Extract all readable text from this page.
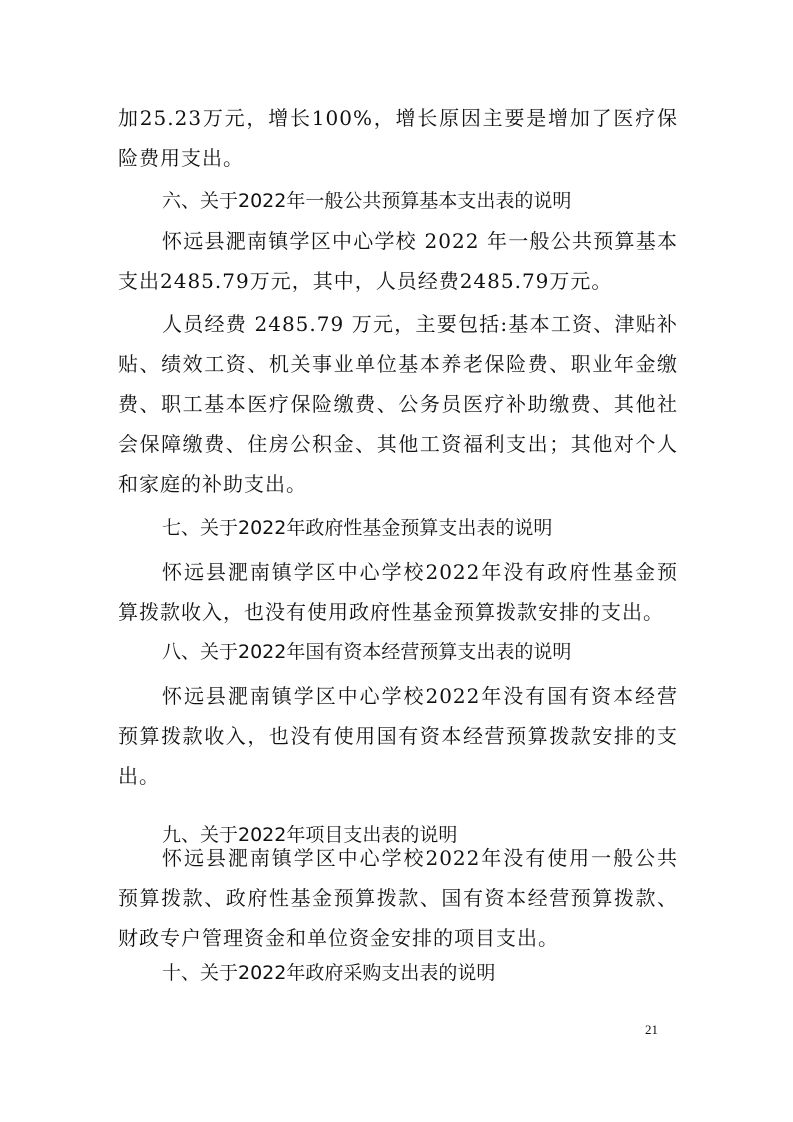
加25.23万元，增长100%，增长原因主要是增加了医疗保险费用支出。

六、关于2022年一般公共预算基本支出表的说明

怀远县淝南镇学区中心学校 2022 年一般公共预算基本支出2485.79万元，其中，人员经费2485.79万元。

人员经费 2485.79 万元，主要包括:基本工资、津贴补贴、绩效工资、机关事业单位基本养老保险费、职业年金缴费、职工基本医疗保险缴费、公务员医疗补助缴费、其他社会保障缴费、住房公积金、其他工资福利支出；其他对个人和家庭的补助支出。

七、关于2022年政府性基金预算支出表的说明

怀远县淝南镇学区中心学校2022年没有政府性基金预算拨款收入，也没有使用政府性基金预算拨款安排的支出。

八、关于2022年国有资本经营预算支出表的说明

怀远县淝南镇学区中心学校2022年没有国有资本经营预算拨款收入，也没有使用国有资本经营预算拨款安排的支出。

九、关于2022年项目支出表的说明

怀远县淝南镇学区中心学校2022年没有使用一般公共预算拨款、政府性基金预算拨款、国有资本经营预算拨款、财政专户管理资金和单位资金安排的项目支出。

十、关于2022年政府采购支出表的说明

21
